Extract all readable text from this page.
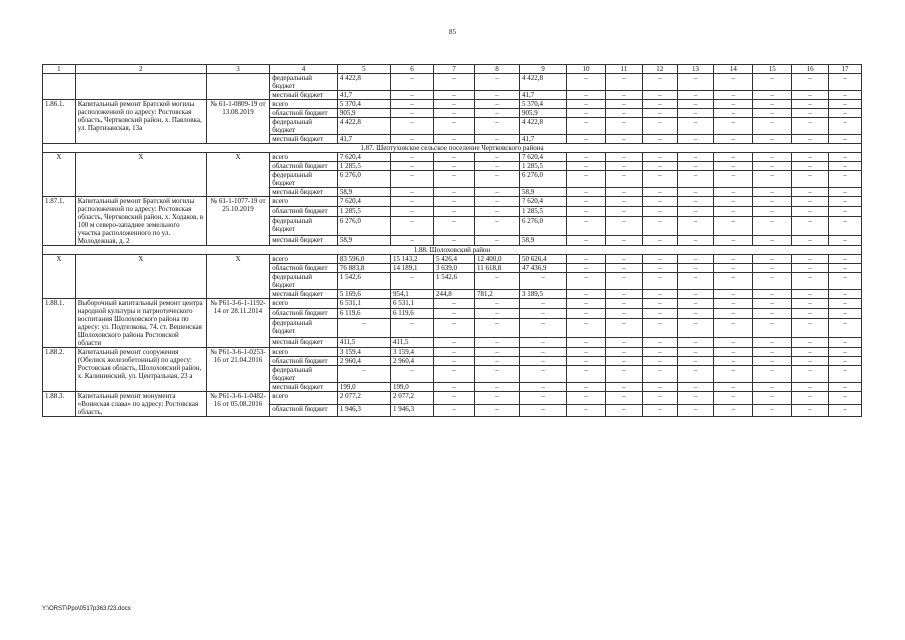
85
1	2	3	4	5	6	7	8	9	10	11	12	13	14	15	16	17
			федеральный бюджет	4 422,8	–	–	–	4 422,8	–	–	–	–	–	–	–	–
			местный бюджет	41,7	–	–	–	41,7	–	–	–	–	–	–	–	–
1.86.1.	Капитальный ремонт Братской могилы расположенной по адресу: Ростовская область, Чертковский район, х. Павловка, ул. Партизанская, 13а	№ 61-1-0809-19 от 13.08.2019	всего	5 370,4	–	–	–	5 370,4	–	–	–	–	–	–	–	–
			областной бюджет	905,9	–	–	–	905,9	–	–	–	–	–	–	–	–
			федеральный бюджет	4 422,8	–	–	–	4 422,8	–	–	–	–	–	–	–	–
			местный бюджет	41,7	–	–	–	41,7	–	–	–	–	–	–	–	–
1.87. Шептуховское сельское поселение Чертковского района																
Х	Х	Х	всего	7 620,4	–	–	–	7 620,4	–	–	–	–	–	–	–	–
			областной бюджет	1 285,5	–	–	–	1 285,5	–	–	–	–	–	–	–	–
			федеральный бюджет	6 276,0	–	–	–	6 276,0	–	–	–	–	–	–	–	–
			местный бюджет	58,9	–	–	–	58,9	–	–	–	–	–	–	–	–
1.87.1.	Капитальный ремонт Братской могилы расположенной по адресу: Ростовская область, Чертковский район, х. Ходаков, в 100 м северо-западнее земельного участка расположенного по ул. Молодежная, д. 2	№ 61-1-1077-19 от 25.10.2019	всего	7 620,4	–	–	–	7 620,4	–	–	–	–	–	–	–	–
			областной бюджет	1 285,5	–	–	–	1 285,5	–	–	–	–	–	–	–	–
			федеральный бюджет	6 276,0	–	–	–	6 276,0	–	–	–	–	–	–	–	–
			местный бюджет	58,9	–	–	–	58,9	–	–	–	–	–	–	–	–
1.88. Шолоховский район																
Х	Х	Х	всего	83 596,0	15 143,2	5 426,4	12 400,0	50 626,4	–	–	–	–	–	–	–	–
			областной бюджет	76 883,8	14 189,1	3 639,0	11 618,8	47 436,9	–	–	–	–	–	–	–	–
			федеральный бюджет	1 542,6	–	1 542,6	–	–	–	–	–	–	–	–	–	–
			местный бюджет	5 169,6	954,1	244,8	781,2	3 189,5	–	–	–	–	–	–	–	–
1.88.1.	Выборочный капитальный ремонт центра народной культуры и патриотического воспитания Шолоховского района по адресу: ул. Подтелкова, 74, ст. Вешенская Шолоховского района Ростовской области	№ Р61-3-6-1-1192-14 от 28.11.2014	всего	6 531,1	6 531,1	–	–	–	–	–	–	–	–	–	–	–
			областной бюджет	6 119,6	6 119,6	–	–	–	–	–	–	–	–	–	–	–
			федеральный бюджет	–	–	–	–	–	–	–	–	–	–	–	–	–
			местный бюджет	411,5	411,5	–	–	–	–	–	–	–	–	–	–	–
1.88.2.	Капитальный ремонт сооружения (Обелиск железобетонный) по адресу: Ростовская область, Шолоховский район, х. Калининский, ул. Центральная, 23 а	№ Р61-3-6-1-0253-16 от 21.04.2016	всего	3 159,4	3 159,4	–	–	–	–	–	–	–	–	–	–	–
			областной бюджет	2 960,4	2 960,4	–	–	–	–	–	–	–	–	–	–	–
			федеральный бюджет	–	–	–	–	–	–	–	–	–	–	–	–	–
			местный бюджет	199,0	199,0	–	–	–	–	–	–	–	–	–	–	–
1.88.3.	Капитальный ремонт монумента «Воинская слава» по адресу: Ростовская область,	№ Р61-3-6-1-0482-16 от 05.08.2016	всего	2 077,2	2 077,2	–	–	–	–	–	–	–	–	–	–	–
			областной бюджет	1 946,3	1 946,3	–	–	–	–	–	–	–	–	–	–	–
Y:\ORST\Ppo\0517p363.f23.docx
